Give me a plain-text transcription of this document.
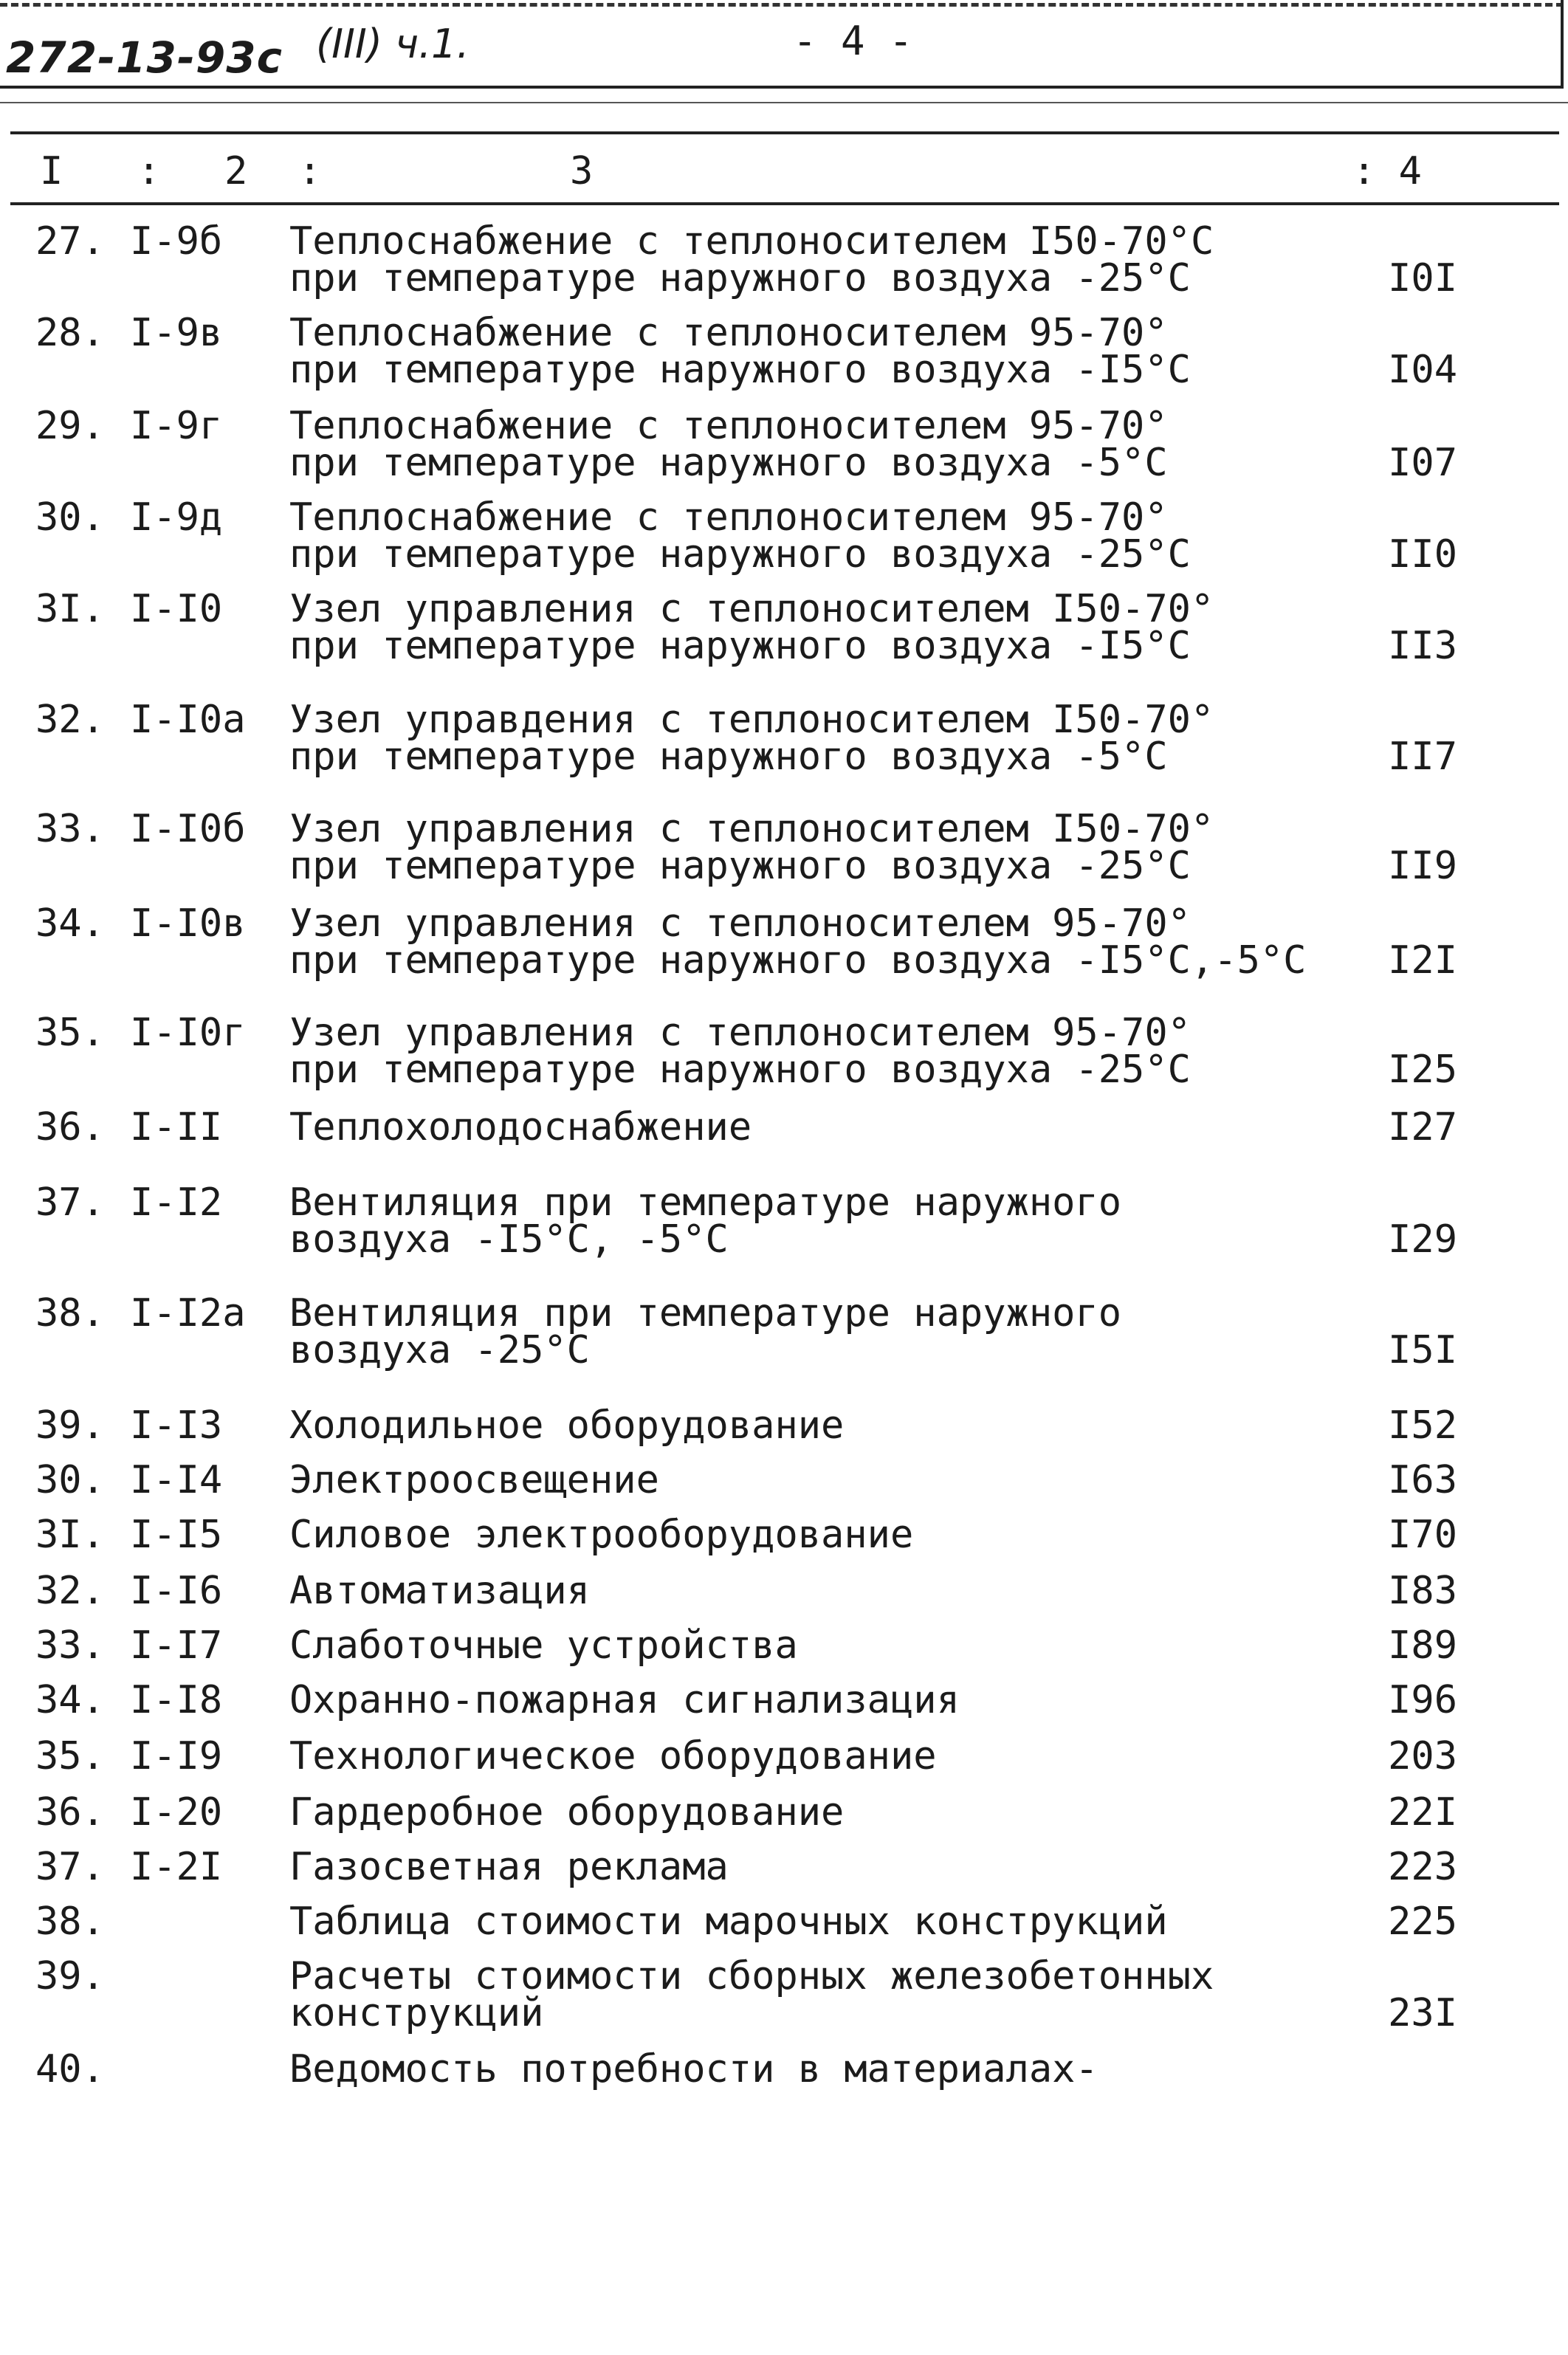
272-13-93с (III) ч.1.	- 4 -
I : 2 :	3	: 4
27. I-9б Теплоснабжение с теплоносителем I50-70°С
при температуре наружного воздуха -25°С	I0I
28. I-9в Теплоснабжение с теплоносителем 95-70°
при температуре наружного воздуха -I5°С	I04
29. I-9г Теплоснабжение с теплоносителем 95-70°
при температуре наружного воздуха -5°С	I07
30. I-9д Теплоснабжение с теплоносителем 95-70°
при температуре наружного воздуха -25°С	II0
3I. I-I0 Узел управления с теплоносителем I50-70°
при температуре наружного воздуха -I5°С	II3
32. I-I0а Узел управдения с теплоносителем I50-70°
при температуре наружного воздуха -5°С	II7
33. I-I0б Узел управления с теплоносителем I50-70°
при температуре наружного воздуха -25°С	II9
34. I-I0в Узел управления с теплоносителем 95-70°
при температуре наружного воздуха -I5°С,-5°С I2I
35. I-I0г Узел управления с теплоносителем 95-70°
при температуре наружного воздуха -25°С	I25
36. I-II Теплохолодоснабжение	I27
37. I-I2 Вентиляция при температуре наружного
воздуха -I5°С, -5°С	I29
38. I-I2а Вентиляция при температуре наружного
воздуха -25°С	I5I
39. I-I3 Холодильное оборудование	I52
30. I-I4 Электроосвещение	I63
3I. I-I5 Силовое электрооборудование	I70
32. I-I6 Автоматизация	I83
33. I-I7 Слаботочные устройства	I89
34. I-I8 Охранно-пожарная сигнализация	I96
35. I-I9 Технологическое оборудование	203
36. I-20 Гардеробное оборудование	22I
37. I-2I Газосветная реклама	223
38.	Таблица стоимости марочных конструкций	225
39.	Расчеты стоимости сборных железобетонных
конструкций	23I
40.	Ведомость потребности в материалах-
